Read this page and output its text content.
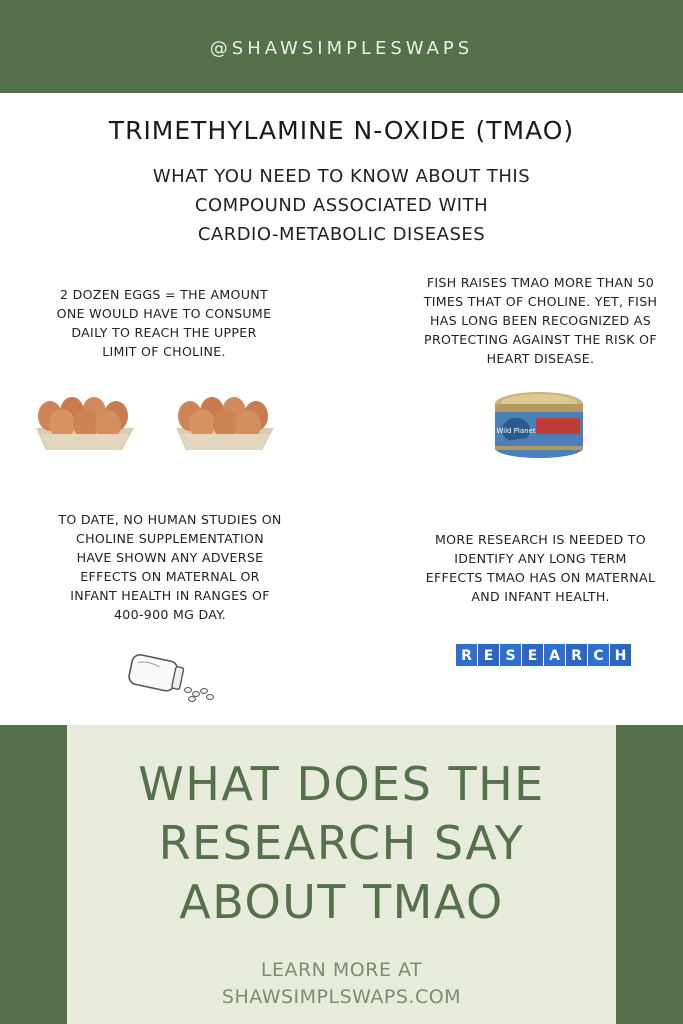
@SHAWSIMPLESWAPS
TRIMETHYLAMINE N-OXIDE (TMAO)
WHAT YOU NEED TO KNOW ABOUT THIS
COMPOUND ASSOCIATED WITH
CARDIO-METABOLIC DISEASES
2 DOZEN EGGS = THE AMOUNT
ONE WOULD HAVE TO CONSUME
DAILY TO REACH THE UPPER
LIMIT OF CHOLINE.
FISH RAISES TMAO MORE THAN 50
TIMES THAT OF CHOLINE. YET, FISH
HAS LONG BEEN RECOGNIZED AS
PROTECTING AGAINST THE RISK OF
HEART DISEASE.
Wild Planet
TO DATE, NO HUMAN STUDIES ON
CHOLINE SUPPLEMENTATION
HAVE SHOWN ANY ADVERSE
EFFECTS ON MATERNAL OR
INFANT HEALTH IN RANGES OF
400-900 MG DAY.
MORE RESEARCH IS NEEDED TO
IDENTIFY ANY LONG TERM
EFFECTS TMAO HAS ON MATERNAL
AND INFANT HEALTH.
R E S E A R C H
WHAT DOES THE
RESEARCH SAY
ABOUT TMAO
LEARN MORE AT
SHAWSIMPLSWAPS.COM
